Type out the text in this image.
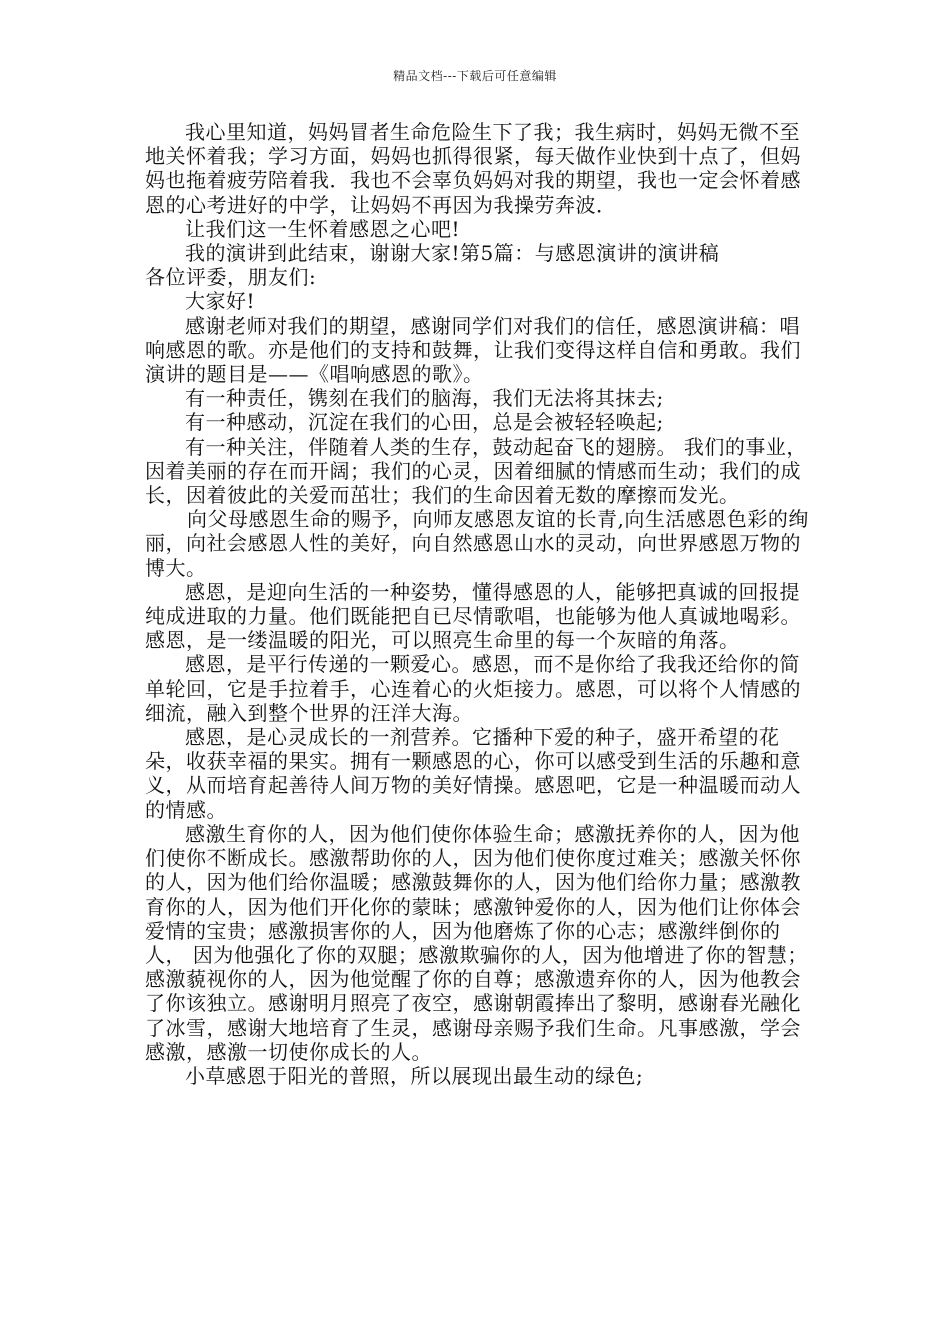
精品文档---下载后可任意编辑

我心里知道，妈妈冒者生命危险生下了我；我生病时，妈妈无微不至地关怀着我；学习方面，妈妈也抓得很紧，每天做作业快到十点了，但妈妈也拖着疲劳陪着我．我也不会辜负妈妈对我的期望，我也一定会怀着感恩的心考进好的中学，让妈妈不再因为我操劳奔波．

让我们这一生怀着感恩之心吧!

我的演讲到此结束，谢谢大家!第5篇：与感恩演讲的演讲稿

各位评委，朋友们:

大家好!

感谢老师对我们的期望，感谢同学们对我们的信任，感恩演讲稿：唱响感恩的歌。亦是他们的支持和鼓舞，让我们变得这样自信和勇敢。我们演讲的题目是——《唱响感恩的歌》。

有一种责任，镌刻在我们的脑海，我们无法将其抹去;

有一种感动，沉淀在我们的心田，总是会被轻轻唤起;

有一种关注，伴随着人类的生存，鼓动起奋飞的翅膀。 我们的事业，因着美丽的存在而开阔；我们的心灵，因着细腻的情感而生动；我们的成长，因着彼此的关爱而茁壮；我们的生命因着无数的摩擦而发光。

向父母感恩生命的赐予，向师友感恩友谊的长青,向生活感恩色彩的绚丽，向社会感恩人性的美好，向自然感恩山水的灵动，向世界感恩万物的博大。

感恩，是迎向生活的一种姿势，懂得感恩的人，能够把真诚的回报提纯成进取的力量。他们既能把自已尽情歌唱，也能够为他人真诚地喝彩。感恩，是一缕温暖的阳光，可以照亮生命里的每一个灰暗的角落。

感恩，是平行传递的一颗爱心。感恩，而不是你给了我我还给你的简单轮回，它是手拉着手，心连着心的火炬接力。感恩，可以将个人情感的细流，融入到整个世界的汪洋大海。

感恩，是心灵成长的一剂营养。它播种下爱的种子，盛开希望的花朵，收获幸福的果实。拥有一颗感恩的心，你可以感受到生活的乐趣和意义，从而培育起善待人间万物的美好情操。感恩吧，它是一种温暖而动人的情感。

感激生育你的人，因为他们使你体验生命；感激抚养你的人，因为他们使你不断成长。感激帮助你的人，因为他们使你度过难关；感激关怀你的人，因为他们给你温暖；感激鼓舞你的人，因为他们给你力量；感激教育你的人，因为他们开化你的蒙昧；感激钟爱你的人，因为他们让你体会爱情的宝贵；感激损害你的人，因为他磨炼了你的心志；感激绊倒你的人， 因为他强化了你的双腿；感激欺骗你的人，因为他增进了你的智慧；感激藐视你的人，因为他觉醒了你的自尊；感激遗弃你的人，因为他教会了你该独立。感谢明月照亮了夜空，感谢朝霞捧出了黎明，感谢春光融化了冰雪，感谢大地培育了生灵，感谢母亲赐予我们生命。凡事感激，学会感激，感激一切使你成长的人。

小草感恩于阳光的普照，所以展现出最生动的绿色;
